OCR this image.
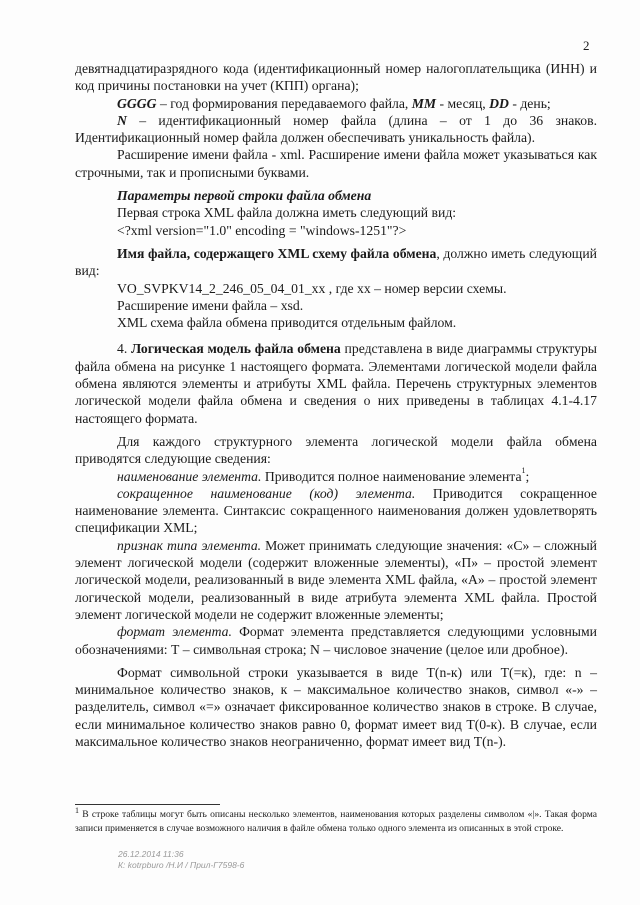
2

девятнадцатиразрядного кода (идентификационный номер налогоплательщика (ИНН) и код причины постановки на учет (КПП) органа);

GGGG – год формирования передаваемого файла, MM - месяц, DD - день;

N – идентификационный номер файла (длина – от 1 до 36 знаков. Идентификационный номер файла должен обеспечивать уникальность файла).

Расширение имени файла - xml. Расширение имени файла может указываться как строчными, так и прописными буквами.

Параметры первой строки файла обмена

Первая строка XML файла должна иметь следующий вид:

<?xml version="1.0" encoding = "windows-1251"?>

Имя файла, содержащего XML схему файла обмена, должно иметь следующий вид:

VO_SVPKV14_2_246_05_04_01_xx , где xx – номер версии схемы.

Расширение имени файла – xsd.

XML схема файла обмена приводится отдельным файлом.

4. Логическая модель файла обмена представлена в виде диаграммы структуры файла обмена на рисунке 1 настоящего формата. Элементами логической модели файла обмена являются элементы и атрибуты XML файла. Перечень структурных элементов логической модели файла обмена и сведения о них приведены в таблицах 4.1-4.17 настоящего формата.

Для каждого структурного элемента логической модели файла обмена приводятся следующие сведения:

наименование элемента. Приводится полное наименование элемента$^1$;

сокращенное наименование (код) элемента. Приводится сокращенное наименование элемента. Синтаксис сокращенного наименования должен удовлетворять спецификации XML;

признак типа элемента. Может принимать следующие значения: «С» – сложный элемент логической модели (содержит вложенные элементы), «П» – простой элемент логической модели, реализованный в виде элемента XML файла, «А» – простой элемент логической модели, реализованный в виде атрибута элемента XML файла. Простой элемент логической модели не содержит вложенные элементы;

формат элемента. Формат элемента представляется следующими условными обозначениями: Т – символьная строка; N – числовое значение (целое или дробное).

Формат символьной строки указывается в виде Т(n-к) или Т(=к), где: n – минимальное количество знаков, к – максимальное количество знаков, символ «-» – разделитель, символ «=» означает фиксированное количество знаков в строке. В случае, если минимальное количество знаков равно 0, формат имеет вид Т(0-к). В случае, если максимальное количество знаков неограниченно, формат имеет вид Т(n-).

$^1$ В строке таблицы могут быть описаны несколько элементов, наименования которых разделены символом «|». Такая форма записи применяется в случае возможного наличия в файле обмена только одного элемента из описанных в этой строке.

26.12.2014 11:36
К: kotrpburo /Н.И / Прил-Г7598-6
